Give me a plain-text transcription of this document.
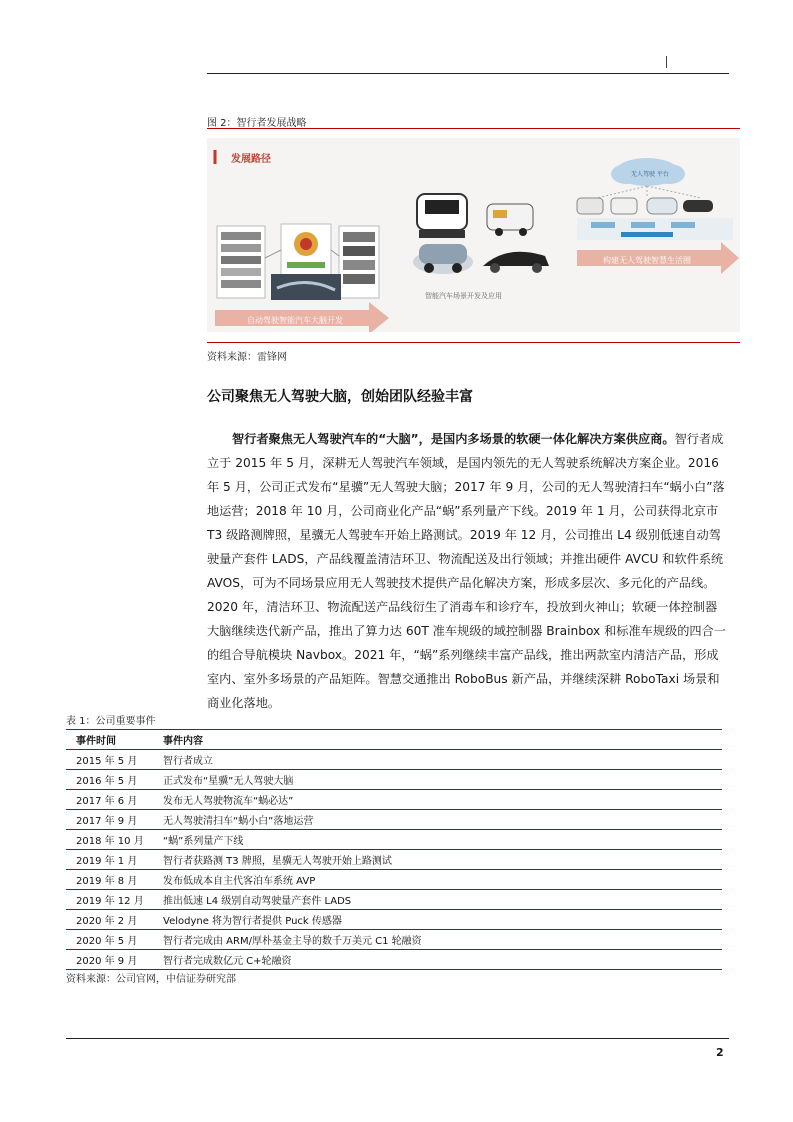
图 2：智行者发展战略
发展路径
自动驾驶智能汽车大脑开发
智能汽车场景开发及应用
无人驾驶 平台
构建无人驾驶智慧生活圈
资料来源：雷锋网
公司聚焦无人驾驶大脑，创始团队经验丰富

智行者聚焦无人驾驶汽车的“大脑”，是国内多场景的软硬一体化解决方案供应商。智行者成立于 2015 年 5 月，深耕无人驾驶汽车领域，是国内领先的无人驾驶系统解决方案企业。2016 年 5 月，公司正式发布“星骥”无人驾驶大脑；2017 年 9 月，公司的无人驾驶清扫车“蜗小白”落地运营；2018 年 10 月，公司商业化产品“蜗”系列量产下线。2019 年 1 月，公司获得北京市 T3 级路测牌照，星骥无人驾驶车开始上路测试。2019 年 12 月，公司推出 L4 级别低速自动驾驶量产套件 LADS，产品线覆盖清洁环卫、物流配送及出行领域；并推出硬件 AVCU 和软件系统 AVOS，可为不同场景应用无人驾驶技术提供产品化解决方案，形成多层次、多元化的产品线。2020 年，清洁环卫、物流配送产品线衍生了消毒车和诊疗车，投放到火神山；软硬一体控制器大脑继续迭代新产品，推出了算力达 60T 准车规级的域控制器 Brainbox 和标准车规级的四合一的组合导航模块 Navbox。2021 年，“蜗”系列继续丰富产品线，推出两款室内清洁产品，形成室内、室外多场景的产品矩阵。智慧交通推出 RoboBus 新产品，并继续深耕 RoboTaxi 场景和商业化落地。

表 1：公司重要事件
事件时间	事件内容
2015 年 5 月	智行者成立
2016 年 5 月	正式发布“星骥”无人驾驶大脑
2017 年 6 月	发布无人驾驶物流车“蜗必达”
2017 年 9 月	无人驾驶清扫车“蜗小白”落地运营
2018 年 10 月	“蜗”系列量产下线
2019 年 1 月	智行者获路测 T3 牌照，星骥无人驾驶开始上路测试
2019 年 8 月	发布低成本自主代客泊车系统 AVP
2019 年 12 月	推出低速 L4 级别自动驾驶量产套件 LADS
2020 年 2 月	Velodyne 将为智行者提供 Puck 传感器
2020 年 5 月	智行者完成由 ARM/厚朴基金主导的数千万美元 C1 轮融资
2020 年 9 月	智行者完成数亿元 C+轮融资
资料来源：公司官网，中信证券研究部
2
